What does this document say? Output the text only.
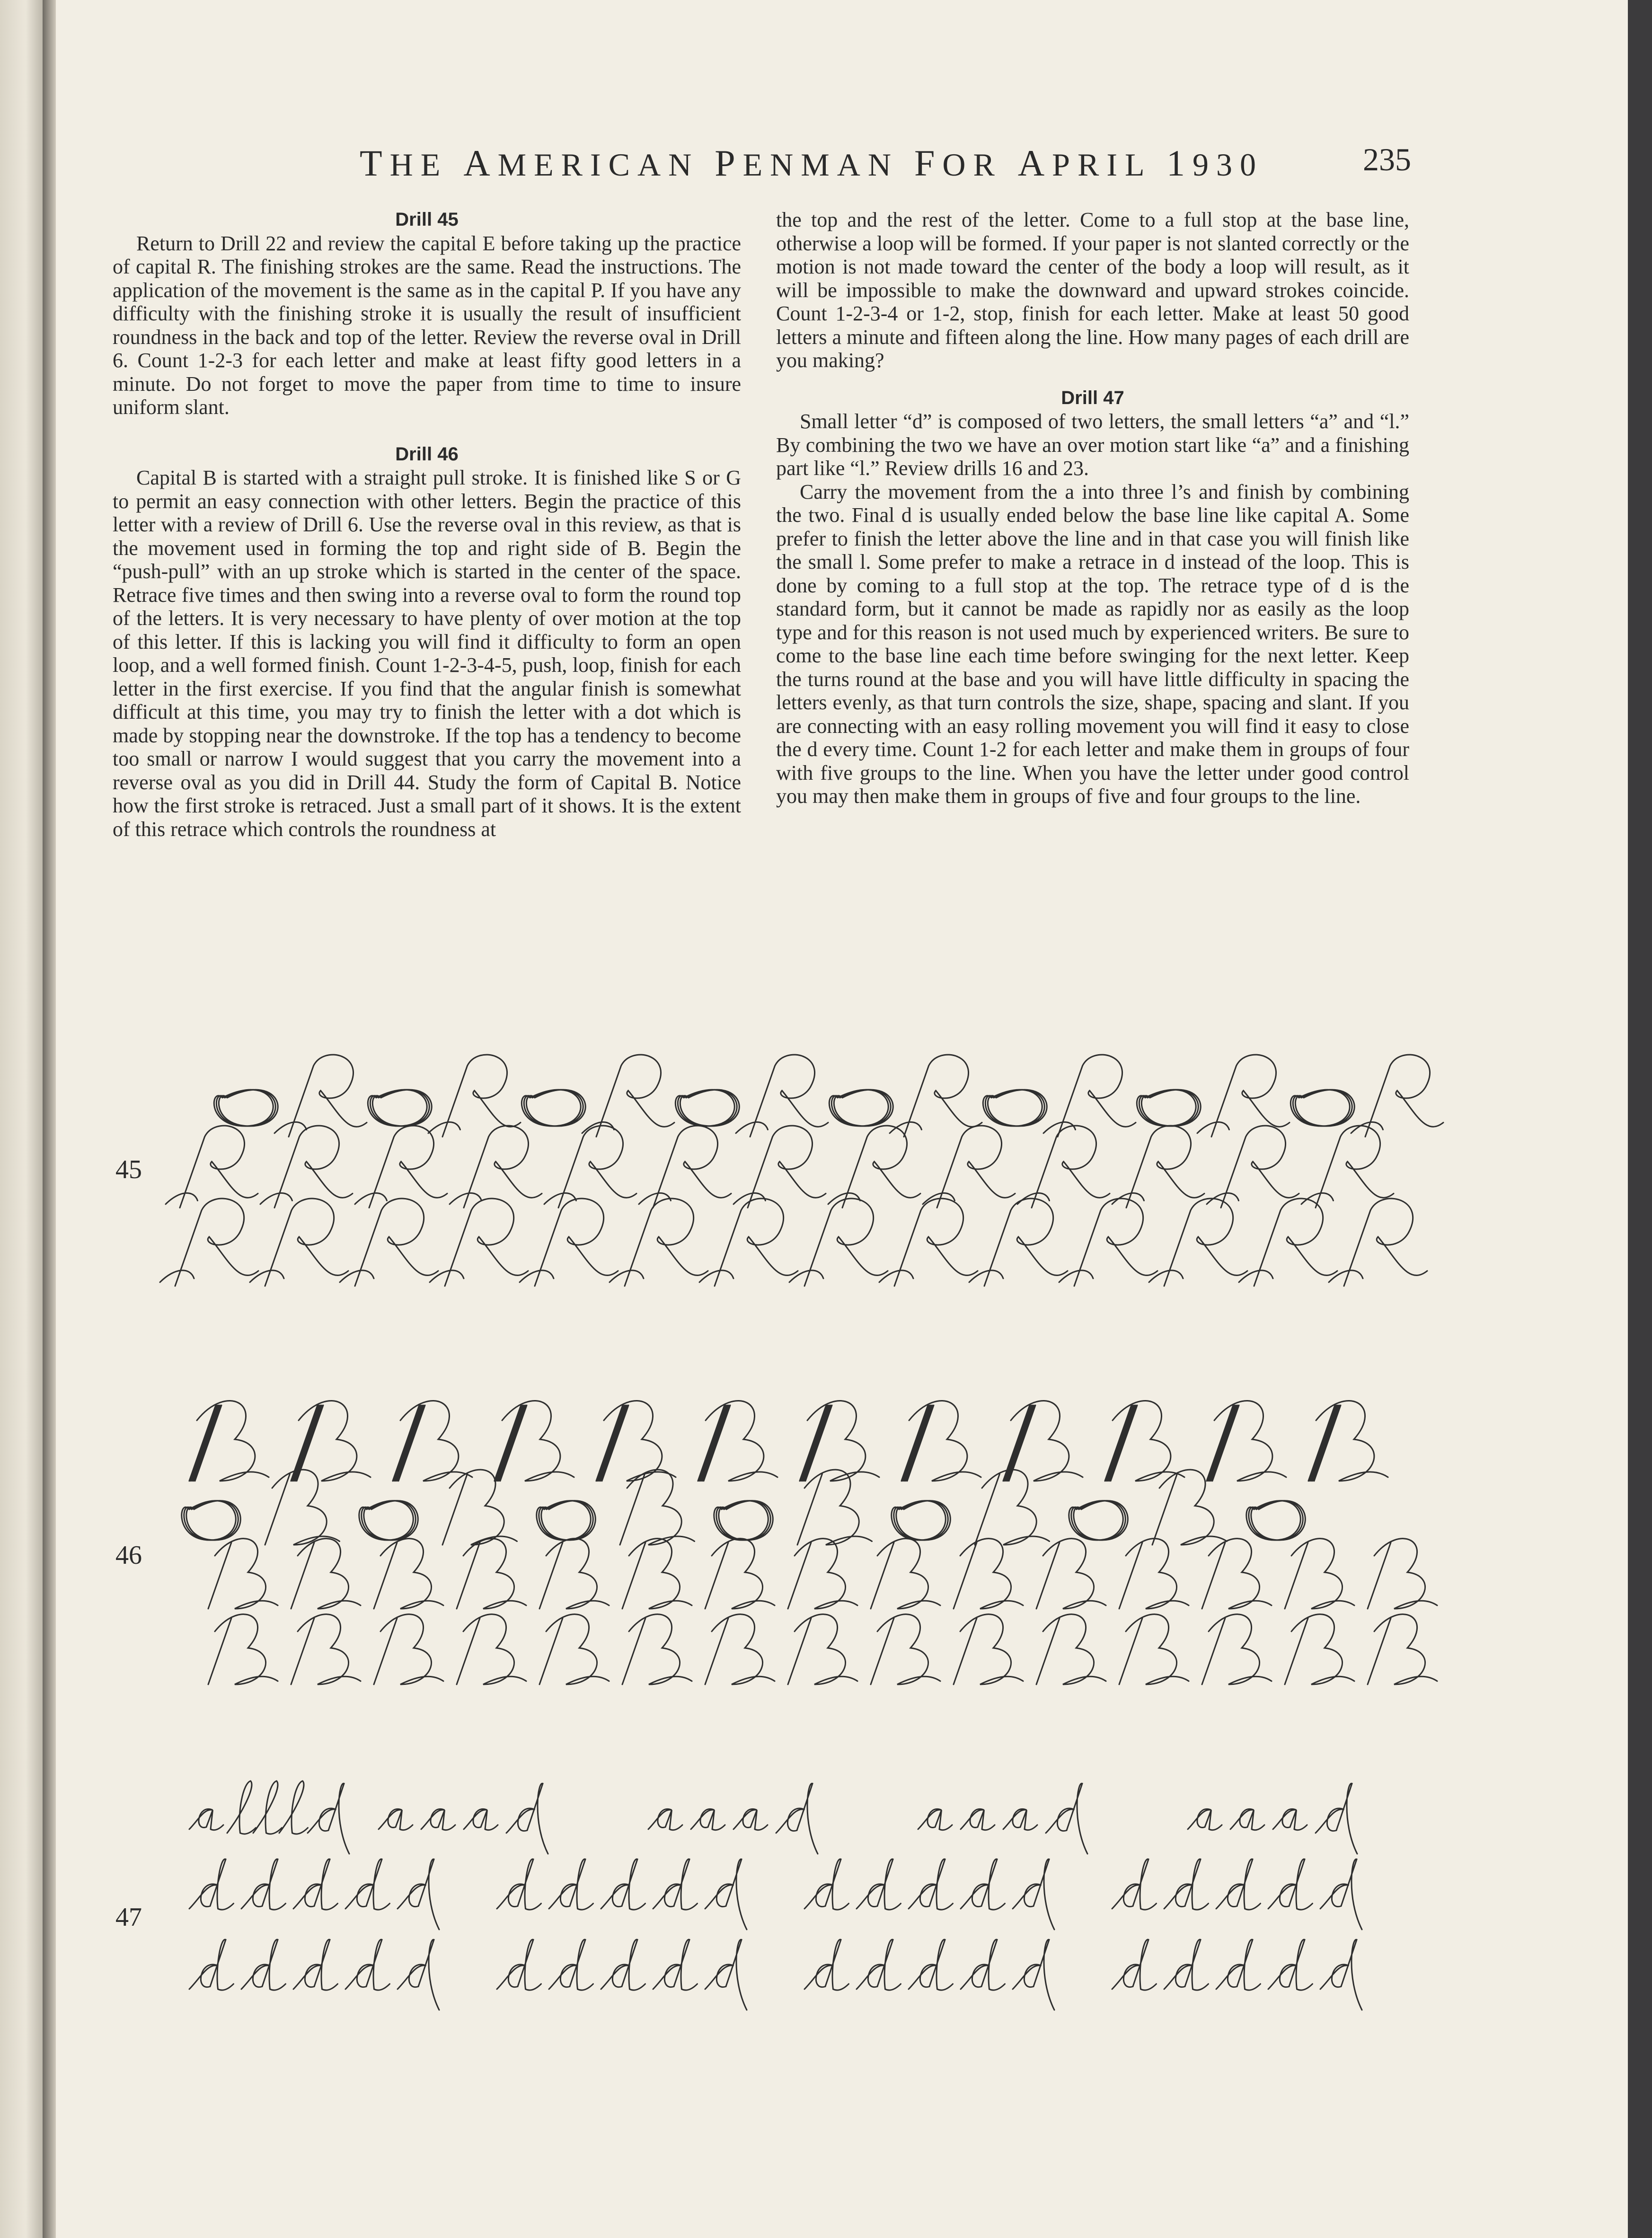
THE AMERICAN PENMAN FOR APRIL 1930	235
Drill 45

Return to Drill 22 and review the capital E before taking up the practice of capital R. The finishing strokes are the same. Read the instructions. The application of the movement is the same as in the capital P. If you have any difficulty with the finishing stroke it is usually the result of insufficient roundness in the back and top of the letter. Review the reverse oval in Drill 6. Count 1-2-3 for each letter and make at least fifty good letters in a minute. Do not forget to move the paper from time to time to insure uniform slant.

Drill 46

Capital B is started with a straight pull stroke. It is finished like S or G to permit an easy connection with other letters. Begin the practice of this letter with a review of Drill 6. Use the reverse oval in this review, as that is the movement used in forming the top and right side of B. Begin the “push-pull” with an up stroke which is started in the center of the space. Retrace five times and then swing into a reverse oval to form the round top of the letters. It is very necessary to have plenty of over motion at the top of this letter. If this is lacking you will find it difficulty to form an open loop, and a well formed finish. Count 1-2-3-4-5, push, loop, finish for each letter in the first exercise. If you find that the angular finish is somewhat difficult at this time, you may try to finish the letter with a dot which is made by stopping near the downstroke. If the top has a tendency to become too small or narrow I would suggest that you carry the movement into a reverse oval as you did in Drill 44. Study the form of Capital B. Notice how the first stroke is retraced. Just a small part of it shows. It is the extent of this retrace which controls the roundness at

the top and the rest of the letter. Come to a full stop at the base line, otherwise a loop will be formed. If your paper is not slanted correctly or the motion is not made toward the center of the body a loop will result, as it will be impossible to make the downward and upward strokes coincide. Count 1-2-3-4 or 1-2, stop, finish for each letter. Make at least 50 good letters a minute and fifteen along the line. How many pages of each drill are you making?

Drill 47

Small letter “d” is composed of two letters, the small letters “a” and “l.” By combining the two we have an over motion start like “a” and a finishing part like “l.” Review drills 16 and 23.

Carry the movement from the a into three l’s and finish by combining the two. Final d is usually ended below the base line like capital A. Some prefer to finish the letter above the line and in that case you will finish like the small l. Some prefer to make a retrace in d instead of the loop. This is done by coming to a full stop at the top. The retrace type of d is the standard form, but it cannot be made as rapidly nor as easily as the loop type and for this reason is not used much by experienced writers. Be sure to come to the base line each time before swinging for the next letter. Keep the turns round at the base and you will have little difficulty in spacing the letters evenly, as that turn controls the size, shape, spacing and slant. If you are connecting with an easy rolling movement you will find it easy to close the d every time. Count 1-2 for each letter and make them in groups of four with five groups to the line. When you have the letter under good control you may then make them in groups of five and four groups to the line.

45
46
47
